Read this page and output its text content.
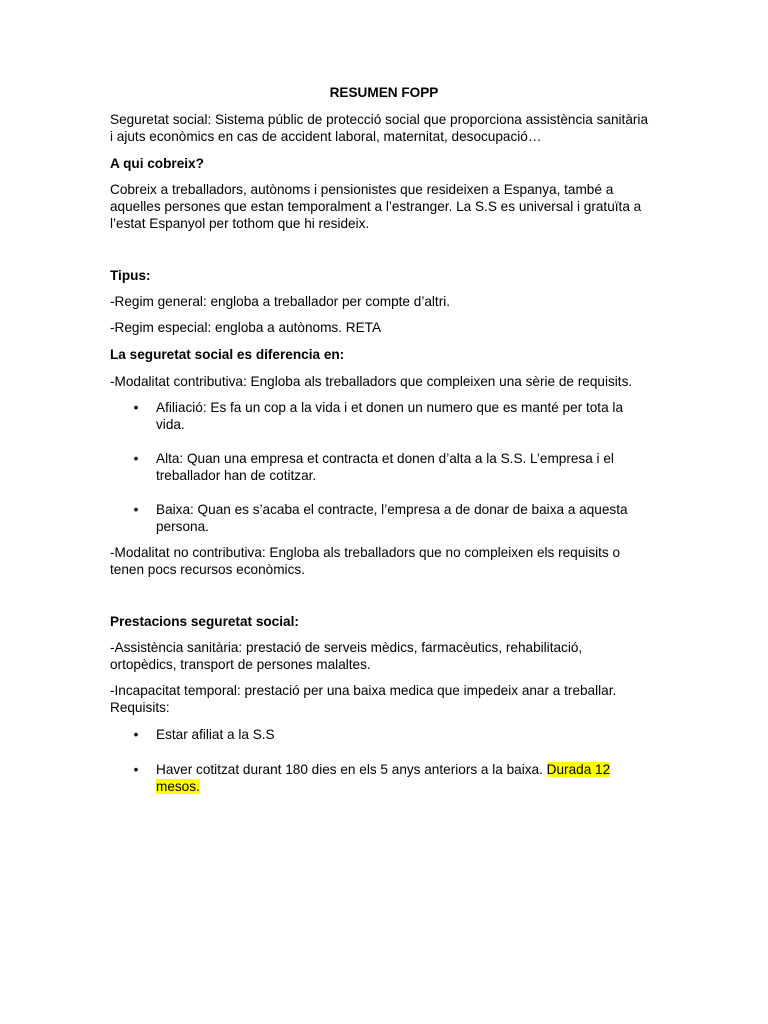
RESUMEN FOPP

Seguretat social: Sistema públic de protecció social que proporciona assistència sanitària i ajuts econòmics en cas de accident laboral, maternitat, desocupació…

A qui cobreix?

Cobreix a treballadors, autònoms i pensionistes que resideixen a Espanya, també a aquelles persones que estan temporalment a l’estranger. La S.S es universal i gratuïta a l’estat Espanyol per tothom que hi resideix.

Tipus:

-Regim general: engloba a treballador per compte d’altri.

-Regim especial: engloba a autònoms. RETA

La seguretat social es diferencia en:

-Modalitat contributiva: Engloba als treballadors que compleixen una sèrie de requisits.

• Afiliació: Es fa un cop a la vida i et donen un numero que es manté per tota la vida.
• Alta: Quan una empresa et contracta et donen d’alta a la S.S. L’empresa i el treballador han de cotitzar.
• Baixa: Quan es s’acaba el contracte, l’empresa a de donar de baixa a aquesta persona.

-Modalitat no contributiva: Engloba als treballadors que no compleixen els requisits o tenen pocs recursos econòmics.

Prestacions seguretat social:

-Assistència sanitària: prestació de serveis mèdics, farmacèutics, rehabilitació, ortopèdics, transport de persones malaltes.

-Incapacitat temporal: prestació per una baixa medica que impedeix anar a treballar. Requisits:

• Estar afiliat a la S.S
• Haver cotitzat durant 180 dies en els 5 anys anteriors a la baixa. Durada 12 mesos.
